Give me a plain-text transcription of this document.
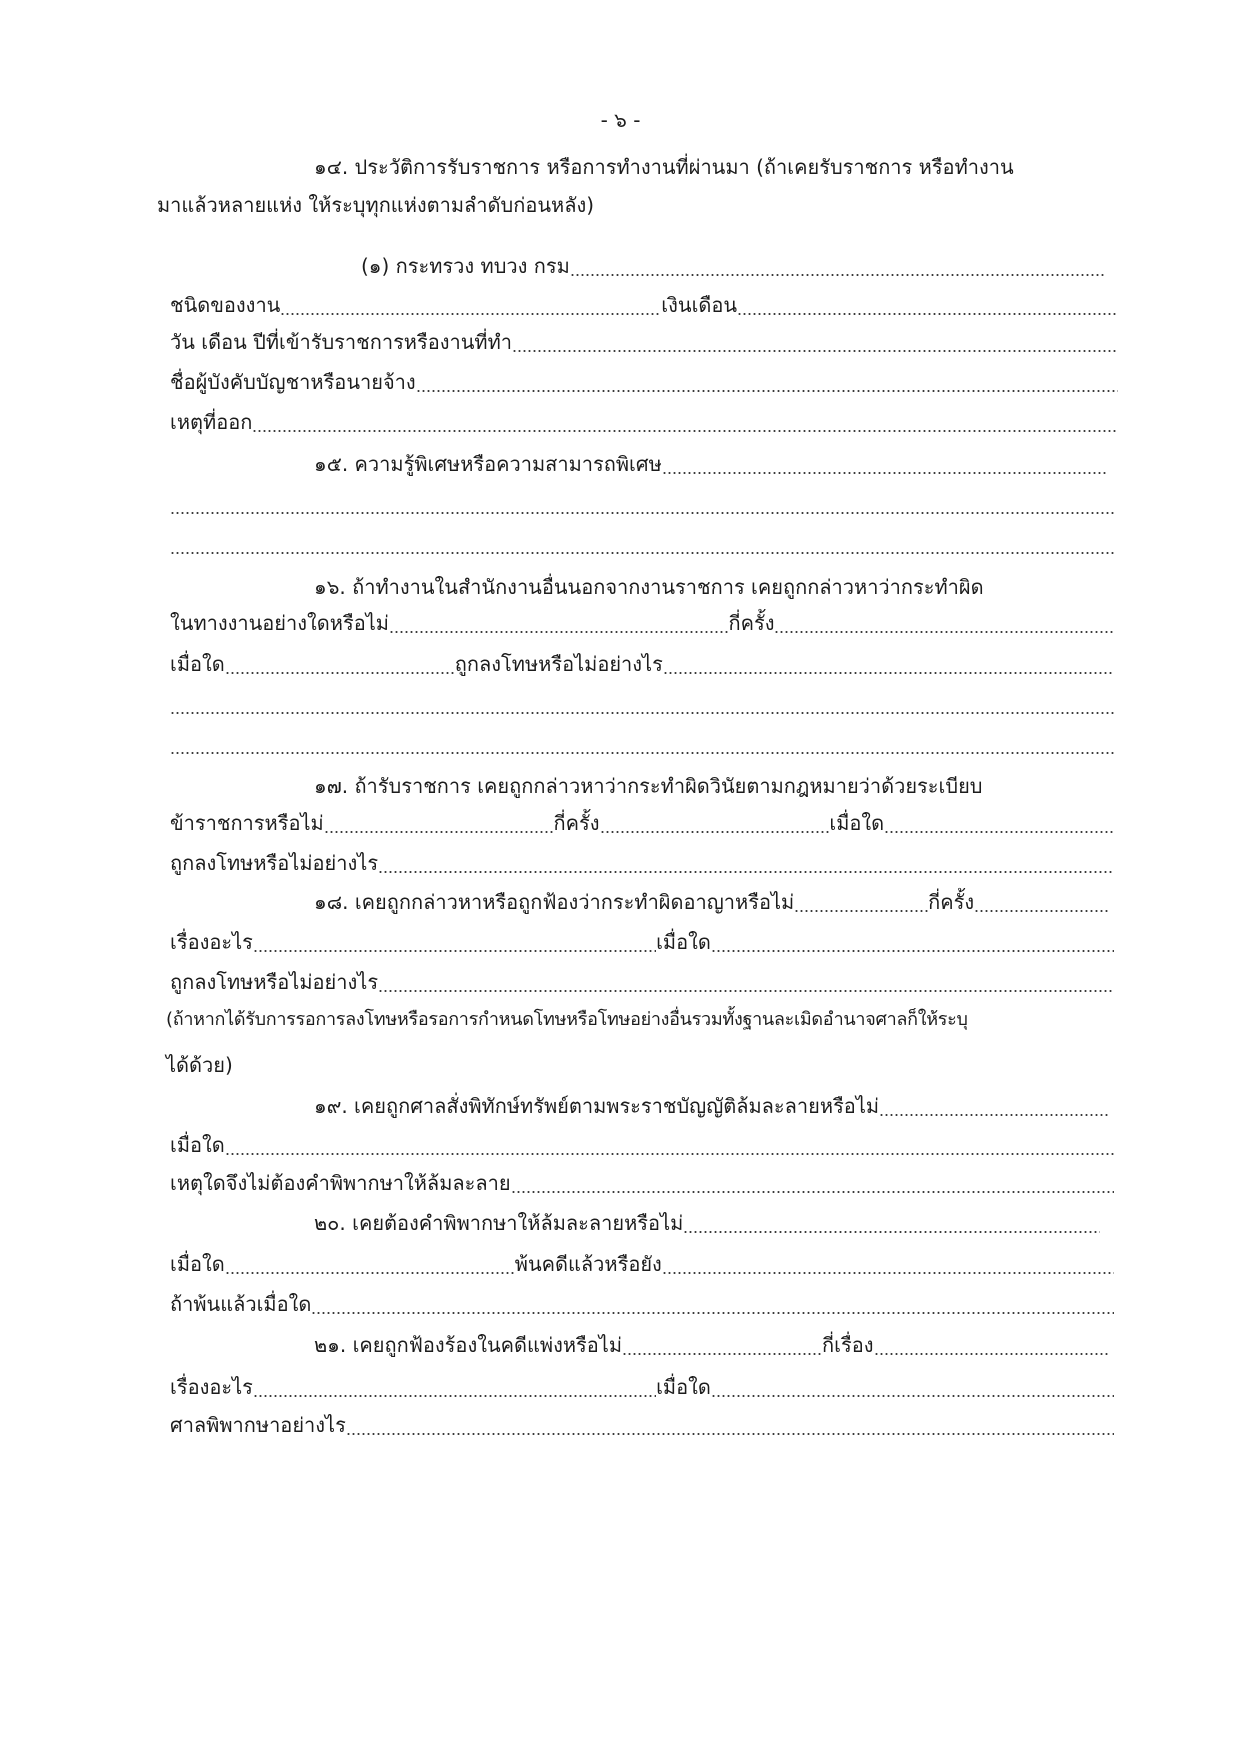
- ๖ -
๑๔. ประวัติการรับราชการ หรือการทำงานที่ผ่านมา (ถ้าเคยรับราชการ หรือทำงาน
มาแล้วหลายแห่ง ให้ระบุทุกแห่งตามลำดับก่อนหลัง)
(๑) กระทรวง ทบวง กรม
ชนิดของงาน	เงินเดือน
วัน เดือน ปีที่เข้ารับราชการหรืองานที่ทำ
ชื่อผู้บังคับบัญชาหรือนายจ้าง
เหตุที่ออก
๑๕. ความรู้พิเศษหรือความสามารถพิเศษ
๑๖. ถ้าทำงานในสำนักงานอื่นนอกจากงานราชการ เคยถูกกล่าวหาว่ากระทำผิด
ในทางงานอย่างใดหรือไม่	กี่ครั้ง
เมื่อใด	ถูกลงโทษหรือไม่อย่างไร
๑๗. ถ้ารับราชการ เคยถูกกล่าวหาว่ากระทำผิดวินัยตามกฎหมายว่าด้วยระเบียบ
ข้าราชการหรือไม่	กี่ครั้ง	เมื่อใด
ถูกลงโทษหรือไม่อย่างไร
๑๘. เคยถูกกล่าวหาหรือถูกฟ้องว่ากระทำผิดอาญาหรือไม่	กี่ครั้ง
เรื่องอะไร	เมื่อใด
ถูกลงโทษหรือไม่อย่างไร
(ถ้าหากได้รับการรอการลงโทษหรือรอการกำหนดโทษหรือโทษอย่างอื่นรวมทั้งฐานละเมิดอำนาจศาลก็ให้ระบุ
ได้ด้วย)
๑๙. เคยถูกศาลสั่งพิทักษ์ทรัพย์ตามพระราชบัญญัติล้มละลายหรือไม่
เมื่อใด
เหตุใดจึงไม่ต้องคำพิพากษาให้ล้มละลาย
๒๐. เคยต้องคำพิพากษาให้ล้มละลายหรือไม่
เมื่อใด	พ้นคดีแล้วหรือยัง
ถ้าพ้นแล้วเมื่อใด
๒๑. เคยถูกฟ้องร้องในคดีแพ่งหรือไม่	กี่เรื่อง
เรื่องอะไร	เมื่อใด
ศาลพิพากษาอย่างไร
